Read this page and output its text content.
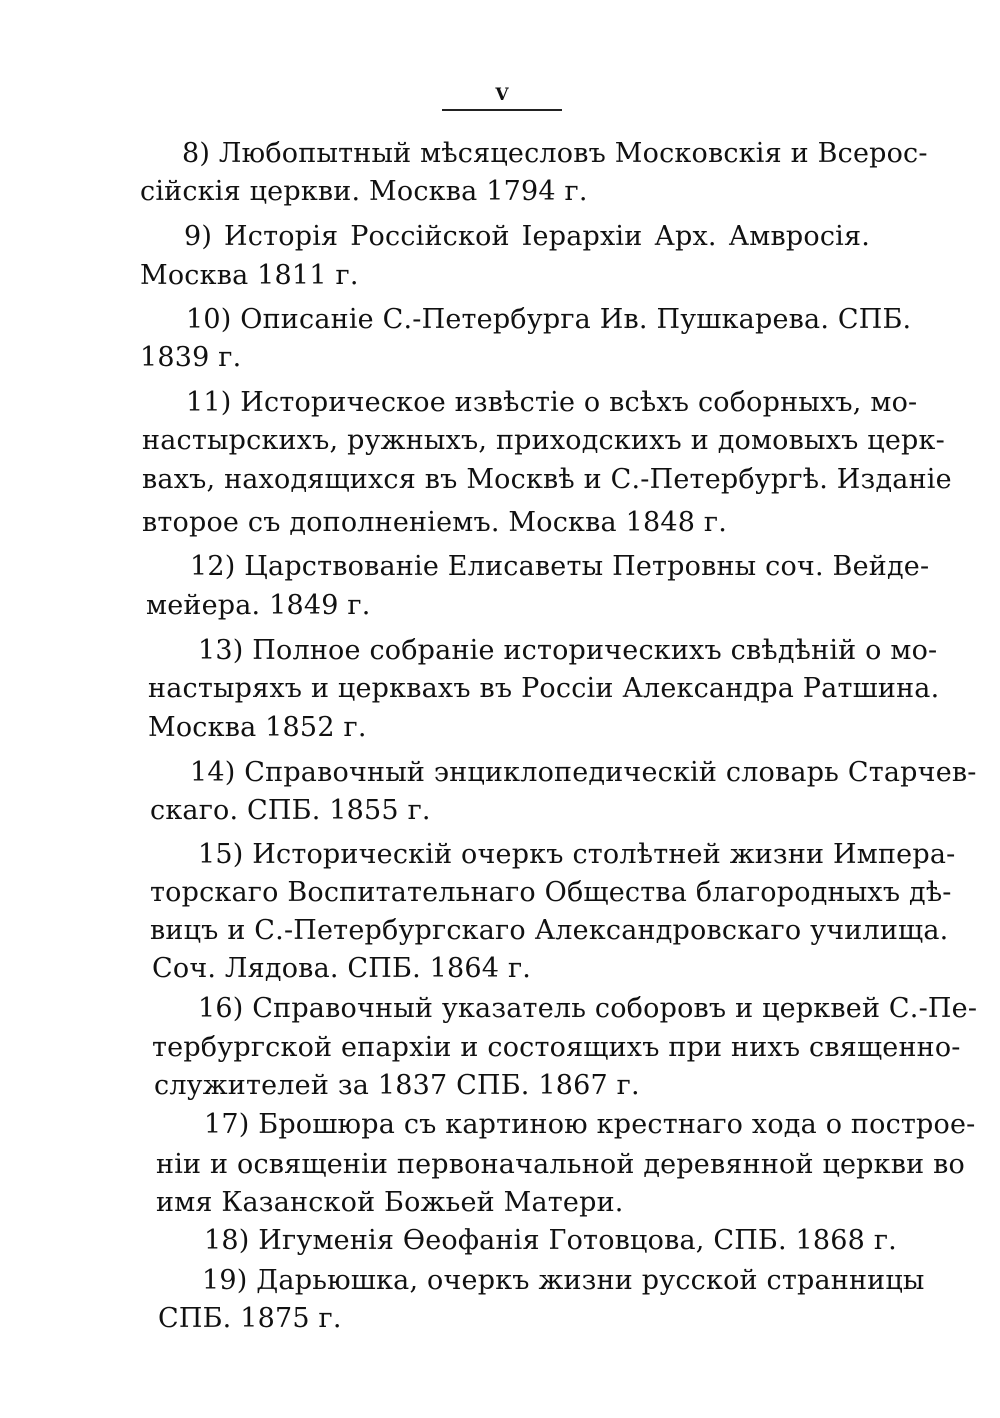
V
8) Любопытный мѣсяцесловъ Московскія и Всерос-
сійскія церкви. Москва 1794 г.
9) Исторія Россійской Іерархіи Арх. Амвросія.
Москва 1811 г.
10) Описаніе С.-Петербурга Ив. Пушкарева. СПБ.
1839 г.
11) Историческое извѣстіе о всѣхъ соборныхъ, мо-
настырскихъ, ружныхъ, приходскихъ и домовыхъ церк-
вахъ, находящихся въ Москвѣ и С.-Петербургѣ. Изданіе
второе съ дополненіемъ. Москва 1848 г.
12) Царствованіе Елисаветы Петровны соч. Вейде-
мейера. 1849 г.
13) Полное собраніе историческихъ свѣдѣній о мо-
настыряхъ и церквахъ въ Россіи Александра Ратшина.
Москва 1852 г.
14) Справочный энциклопедическій словарь Старчев-
скаго. СПБ. 1855 г.
15) Историческій очеркъ столѣтней жизни Импера-
торскаго Воспитательнаго Общества благородныхъ дѣ-
вицъ и С.-Петербургскаго Александровскаго училища.
Соч. Лядова. СПБ. 1864 г.
16) Справочный указатель соборовъ и церквей С.-Пе-
тербургской епархіи и состоящихъ при нихъ священно-
служителей за 1837 СПБ. 1867 г.
17) Брошюра съ картиною крестнаго хода о построе-
ніи и освященіи первоначальной деревянной церкви во
имя Казанской Божьей Матери.
18) Игуменія Ѳеофанія Готовцова, СПБ. 1868 г.
19) Дарьюшка, очеркъ жизни русской странницы
СПБ. 1875 г.
